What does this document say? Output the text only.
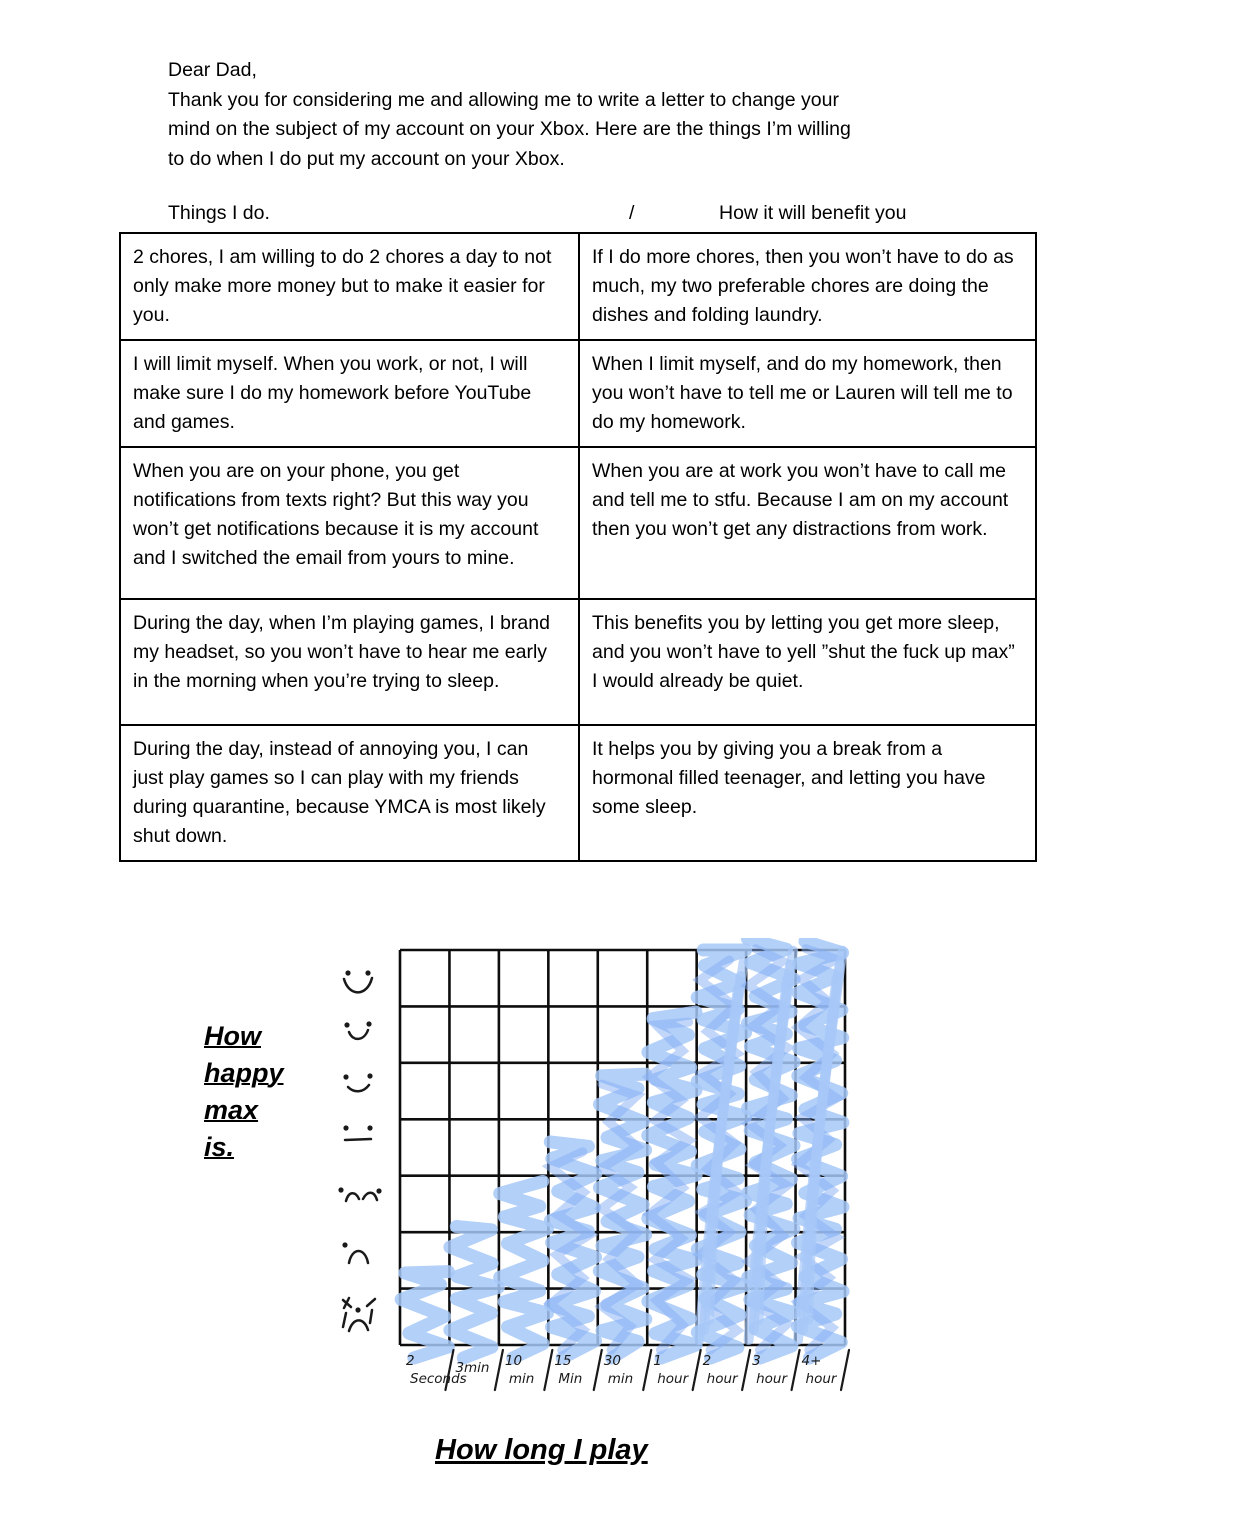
Dear Dad,
Thank you for considering me and allowing me to write a letter to change your
mind on the subject of my account on your Xbox. Here are the things I’m willing
to do when I do put my account on your Xbox.
Things I do.	/	How it will benefit you
2 chores, I am willing to do 2 chores a day to not only make more money but to make it easier for you.
If I do more chores, then you won’t have to do as much, my two preferable chores are doing the dishes and folding laundry.
I will limit myself. When you work, or not, I will make sure I do my homework before YouTube and games.
When I limit myself, and do my homework, then you won’t have to tell me or Lauren will tell me to do my homework.
When you are on your phone, you get notifications from texts right? But this way you won’t get notifications because it is my account and I switched the email from yours to mine.
When you are at work you won’t have to call me and tell me to stfu. Because I am on my account then you won’t get any distractions from work.
During the day, when I’m playing games, I brand my headset, so you won’t have to hear me early in the morning when you’re trying to sleep.
This benefits you by letting you get more sleep, and you won’t have to yell ”shut the fuck up max” I would already be quiet.
During the day, instead of annoying you, I can just play games so I can play with my friends during quarantine, because YMCA is most likely shut down.
It helps you by giving you a break from a hormonal filled teenager, and letting you have some sleep.
How
happy
max
is.
2 Seconds
3min 10 min
15 Min
30 min
1 hour
2 hour
3 hour
4+ hour
How long I play
